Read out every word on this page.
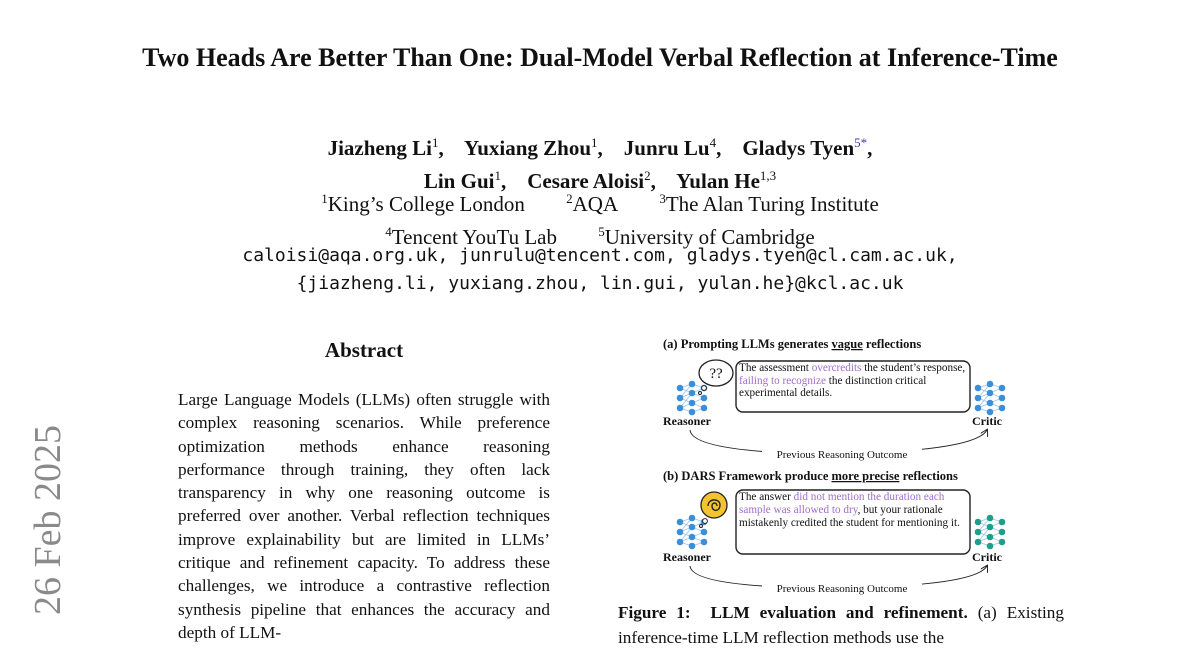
Two Heads Are Better Than One: Dual-Model Verbal Reflection at Inference-Time
Jiazheng Li$^1$,    Yuxiang Zhou$^1$,    Junru Lu$^4$,    Gladys Tyen$^{5*}$,
Lin Gui$^1$,    Cesare Aloisi$^2$,    Yulan He$^{1,3}$
$^1$King’s College London	$^2$AQA	$^3$The Alan Turing Institute
$^4$Tencent YouTu Lab	$^5$University of Cambridge
caloisi@aqa.org.uk, junrulu@tencent.com, gladys.tyen@cl.cam.ac.uk,
{jiazheng.li, yuxiang.zhou, lin.gui, yulan.he}@kcl.ac.uk
26 Feb 2025
Abstract

Large Language Models (LLMs) often struggle with complex reasoning scenarios. While preference optimization methods enhance reasoning performance through training, they often lack transparency in why one reasoning outcome is preferred over another. Verbal reflection techniques improve explainability but are limited in LLMs’ critique and refinement capacity. To address these challenges, we introduce a contrastive reflection synthesis pipeline that enhances the accuracy and depth of LLM-

(a) Prompting LLMs generates vague reflections
?? The assessment overcredits the student’s response, failing to recognize the distinction critical experimental details.
Reasoner	Critic
Previous Reasoning Outcome
(b) DARS Framework produce more precise reflections
The answer did not mention the duration each sample was allowed to dry, but your rationale mistakenly credited the student for mentioning it.
Reasoner	Critic
Previous Reasoning Outcome

Figure 1: LLM evaluation and refinement. (a) Existing inference-time LLM reflection methods use the
